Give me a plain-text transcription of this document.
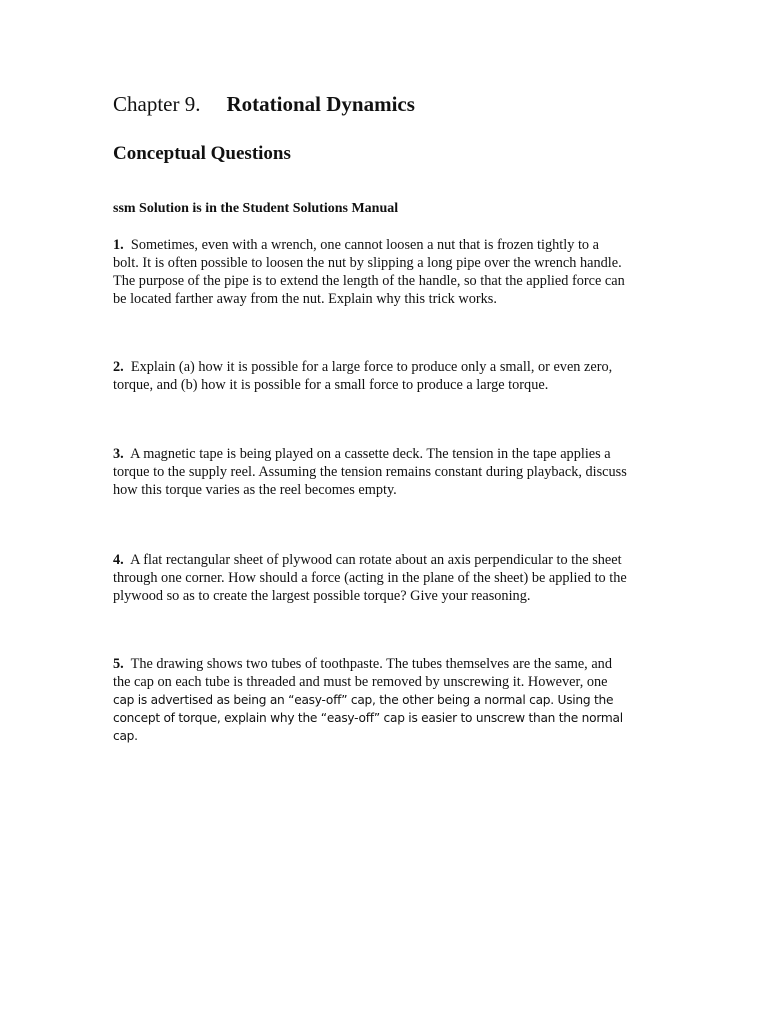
Chapter 9. Rotational Dynamics
Conceptual Questions
ssm Solution is in the Student Solutions Manual
1. Sometimes, even with a wrench, one cannot loosen a nut that is frozen tightly to a
bolt. It is often possible to loosen the nut by slipping a long pipe over the wrench handle.
The purpose of the pipe is to extend the length of the handle, so that the applied force can
be located farther away from the nut. Explain why this trick works.
2. Explain (a) how it is possible for a large force to produce only a small, or even zero,
torque, and (b) how it is possible for a small force to produce a large torque.
3. A magnetic tape is being played on a cassette deck. The tension in the tape applies a
torque to the supply reel. Assuming the tension remains constant during playback, discuss
how this torque varies as the reel becomes empty.
4. A flat rectangular sheet of plywood can rotate about an axis perpendicular to the sheet
through one corner. How should a force (acting in the plane of the sheet) be applied to the
plywood so as to create the largest possible torque? Give your reasoning.
5. The drawing shows two tubes of toothpaste. The tubes themselves are the same, and
the cap on each tube is threaded and must be removed by unscrewing it. However, one
cap is advertised as being an “easy-off” cap, the other being a normal cap. Using the
concept of torque, explain why the “easy-off” cap is easier to unscrew than the normal
cap.
